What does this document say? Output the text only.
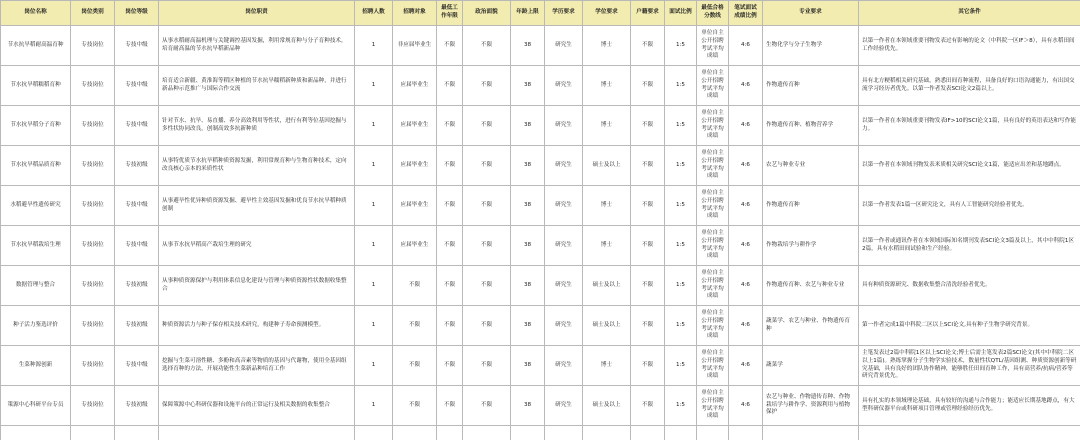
岗位名称	岗位类别	岗位等级	岗位职责	招聘人数	招聘对象	最低工作年限	政治面貌	年龄上限	学历要求	学位要求	户籍要求	面试比例	最低合格分数线	笔试面试成绩比例	专业要求	其它条件
节水抗旱稻耐高温育种	专技岗位	专技中级	从事水稻耐高温机理与关键调控基因发掘，利用常规育种与分子育种技术，培育耐高温的节水抗旱稻新品种	1	非应届毕业生	不限	不限	38	研究生	博士	不限	1:5	单位自主公开招聘考试平均成绩	4:6	生物化学与分子生物学	以第一作者在本领域重要刊物发表过有影响的论文（中科院一区IF＞8），具有水稻田间工作经验优先。
节水抗旱稻糯稻育种	专技岗位	专技中级	培育适合新疆、黄淮海等稻区种植的节水抗旱糯稻新种质和新品种，并进行新品种示范推广与国际合作交流	1	应届毕业生	不限	不限	38	研究生	博士	不限	1:5	单位自主公开招聘考试平均成绩	4:6	作物遗传育种	具有北方粳稻相关研究基础，熟悉田间育种流程，具备良好的口语沟通能力，有出国交流学习经历者优先。以第一作者发表SCI论文2篇以上。
节水抗旱稻分子育种	专技岗位	专技中级	针对节水、抗旱、易直播、养分高效利用等性状，进行有利等位基因挖掘与多性状协同改良，创制高效多抗新种质	1	应届毕业生	不限	不限	38	研究生	博士	不限	1:5	单位自主公开招聘考试平均成绩	4:6	作物遗传育种、植物营养学	以第一作者在本领域重要刊物发表IF>10的SCI论文1篇，具有良好的英语表达和写作能力。
节水抗旱稻品质育种	专技岗位	专技初级	从事特优质节水抗旱稻种质资源发掘，利用常规育种与生物育种技术，定向改良核心亲本的米质性状	1	应届毕业生	不限	不限	38	研究生	硕士及以上	不限	1:5	单位自主公开招聘考试平均成绩	4:6	农艺与种业专业	以第一作者在本领域刊物发表米质相关研究SCI论文1篇，能适应出差和基地蹲点。
水稻避旱性遗传研究	专技岗位	专技中级	从事避旱性优异种质资源发掘、避旱性主效基因发掘和优良节水抗旱稻种质创制	1	应届毕业生	不限	不限	38	研究生	博士	不限	1:5	单位自主公开招聘考试平均成绩	4:6	作物遗传育种	以第一作者发表1篇一区研究论文，具有人工智能研究经验者优先。
节水抗旱稻栽培生理	专技岗位	专技中级	从事节水抗旱稻高产栽培生理的研究	1	应届毕业生	不限	不限	38	研究生	博士	不限	1:5	单位自主公开招聘考试平均成绩	4:6	作物栽培学与耕作学	以第一作者或通讯作者在本领域国际知名期刊发表SCI论文3篇及以上，其中中科院1区2篇，具有水稻田间试验和生产经验。
数据管理与整合	专技岗位	专技初级	从事种质资源保护与利用体系信息化建设与管理与种质资源性状数据收集整合	1	不限	不限	不限	38	研究生	硕士及以上	不限	1:5	单位自主公开招聘考试平均成绩	4:6	作物遗传育种、农艺与种业专业	具有种质资源研究、数据收集整合清洗经验者优先。
种子活力鉴选评价	专技岗位	专技初级	种质资源活力与种子保存相关技术研究，构建种子寿命预测模型。	1	不限	不限	不限	38	研究生	硕士及以上	不限	1:5	单位自主公开招聘考试平均成绩	4:6	蔬菜学、农艺与种业、作物遗传育种	第一作者完成1篇中科院二区以上SCI论文,具有种子生物学研究背景。
生菜种源创新	专技岗位	专技中级	挖掘与生菜可溶性糖、多酚和高音素等物质的基因与代谢物，使用全基因组选择育种的方法，开展功能性生菜新品种培育工作	1	不限	不限	不限	38	研究生	博士	不限	1:5	单位自主公开招聘考试平均成绩	4:6	蔬菜学	主笔发表过2篇中科院1区以上SCI论文;博士后需主笔发表2篇SCI论文(其中中科院二区以上1篇)。熟练掌握分子生物学实验技术，数量性状QTL/基因组测、种质资源创新等研究基础，具有良好的团队协作精神，能够胜任田间育种工作，具有高营养/抗病/营养等研究背景优先。
策源中心科研平台专员	专技岗位	专技初级	保障策源中心科研仪器和设施平台的正常运行及相关数据的收集整合	1	不限	不限	不限	38	研究生	硕士及以上	不限	1:5	单位自主公开招聘考试平均成绩	4:6	农艺与种业、作物遗传育种、作物栽培学与耕作学、资源利用与植物保护	具有扎实的本领域理论基础，具有较好的沟通与合作能力；能适应长期基地蹲点，有大型科研仪器平台或科研项目管理或管理经验经历优先。
